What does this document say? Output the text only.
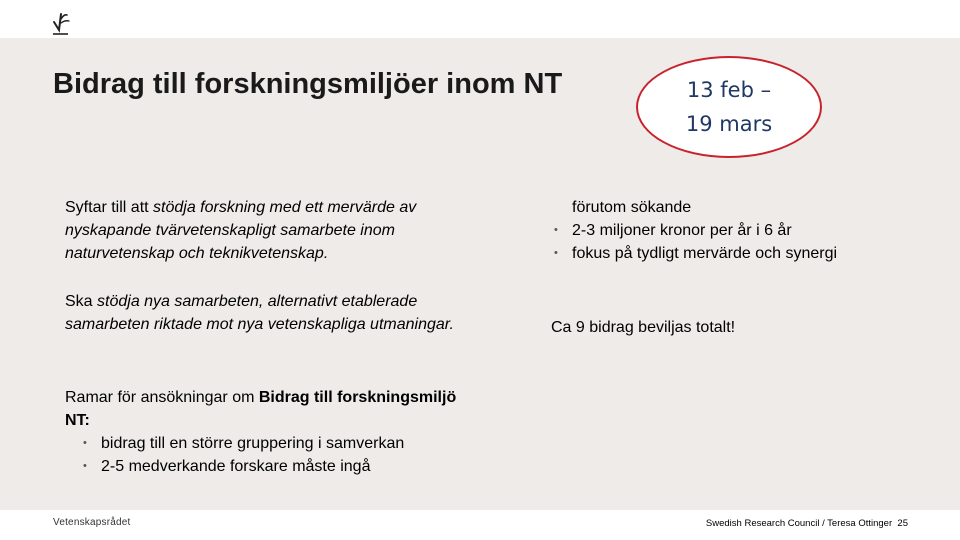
Bidrag till forskningsmiljöer inom NT	13 feb –
19 mars

Syftar till att stödja forskning med ett mervärde av nyskapande tvärvetenskapligt samarbete inom naturvetenskap och teknikvetenskap.

Ska stödja nya samarbeten, alternativt etablerade samarbeten riktade mot nya vetenskapliga utmaningar.

Ramar för ansökningar om Bidrag till forskningsmiljö NT:
• bidrag till en större gruppering i samverkan
• 2-5 medverkande forskare måste ingå
förutom sökande
• 2-3 miljoner kronor per år i 6 år
• fokus på tydligt mervärde och synergi

Ca 9 bidrag beviljas totalt!

Vetenskapsrådet	Swedish Research Council / Teresa Ottinger 25
